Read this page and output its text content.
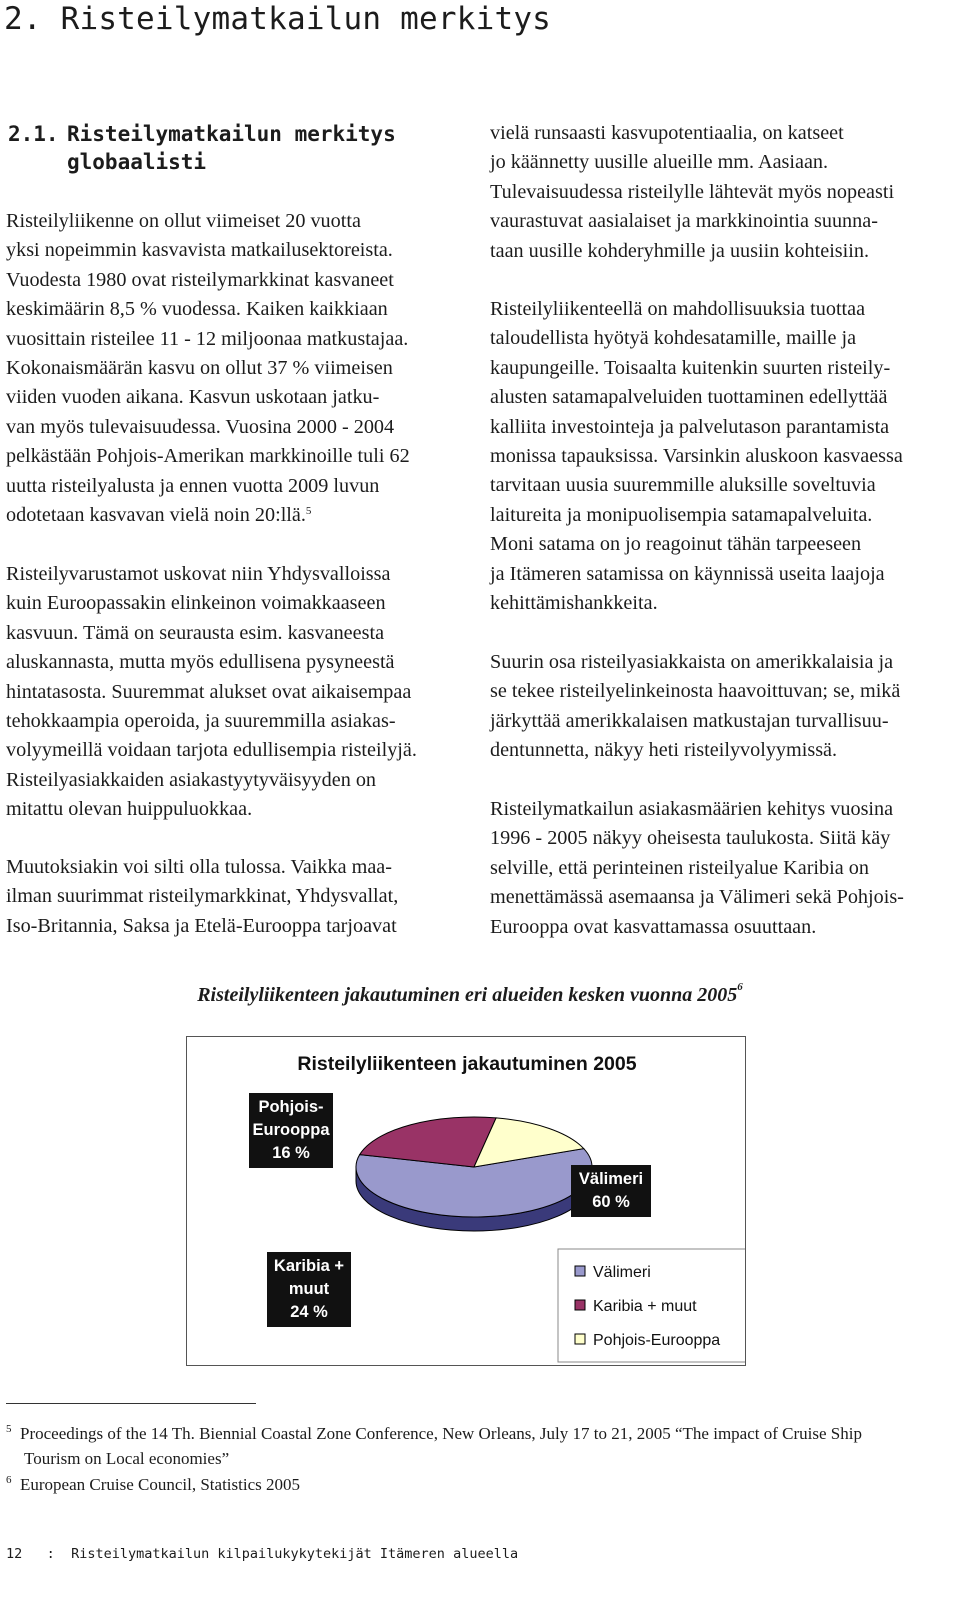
2. Risteilymatkailun merkitys
2.1. Risteilymatkailun merkitys
globaalisti

Risteilyliikenne on ollut viimeiset 20 vuotta
yksi nopeimmin kasvavista matkailusektoreista.
Vuodesta 1980 ovat risteilymarkkinat kasvaneet
keskimäärin 8,5 % vuodessa. Kaiken kaikkiaan
vuosittain risteilee 11 - 12 miljoonaa matkustajaa.
Kokonaismäärän kasvu on ollut 37 % viimeisen
viiden vuoden aikana. Kasvun uskotaan jatku-
van myös tulevaisuudessa. Vuosina 2000 - 2004
pelkästään Pohjois-Amerikan markkinoille tuli 62
uutta risteilyalusta ja ennen vuotta 2009 luvun
odotetaan kasvavan vielä noin 20:llä.$^5$

Risteilyvarustamot uskovat niin Yhdysvalloissa
kuin Euroopassakin elinkeinon voimakkaaseen
kasvuun. Tämä on seurausta esim. kasvaneesta
aluskannasta, mutta myös edullisena pysyneestä
hintatasosta. Suuremmat alukset ovat aikaisempaa
tehokkaampia operoida, ja suuremmilla asiakas-
volyymeillä voidaan tarjota edullisempia risteilyjä.
Risteilyasiakkaiden asiakastyytyväisyyden on
mitattu olevan huippuluokkaa.

Muutoksiakin voi silti olla tulossa. Vaikka maa-
ilman suurimmat risteilymarkkinat, Yhdysvallat,
Iso-Britannia, Saksa ja Etelä-Eurooppa tarjoavat

vielä runsaasti kasvupotentiaalia, on katseet
jo käännetty uusille alueille mm. Aasiaan.
Tulevaisuudessa risteilylle lähtevät myös nopeasti
vaurastuvat aasialaiset ja markkinointia suunna-
taan uusille kohderyhmille ja uusiin kohteisiin.

Risteilyliikenteellä on mahdollisuuksia tuottaa
taloudellista hyötyä kohdesatamille, maille ja
kaupungeille. Toisaalta kuitenkin suurten risteily-
alusten satamapalveluiden tuottaminen edellyttää
kalliita investointeja ja palvelutason parantamista
monissa tapauksissa. Varsinkin aluskoon kasvaessa
tarvitaan uusia suuremmille aluksille soveltuvia
laitureita ja monipuolisempia satamapalveluita.
Moni satama on jo reagoinut tähän tarpeeseen
ja Itämeren satamissa on käynnissä useita laajoja
kehittämishankkeita.

Suurin osa risteilyasiakkaista on amerikkalaisia ja
se tekee risteilyelinkeinosta haavoittuvan; se, mikä
järkyttää amerikkalaisen matkustajan turvallisuu-
dentunnetta, näkyy heti risteilyvolyymissä.

Risteilymatkailun asiakasmäärien kehitys vuosina
1996 - 2005 näkyy oheisesta taulukosta. Siitä käy
selville, että perinteinen risteilyalue Karibia on
menettämässä asemaansa ja Välimeri sekä Pohjois-
Eurooppa ovat kasvattamassa osuuttaan.

Risteilyliikenteen jakautuminen eri alueiden kesken vuonna 2005$^6$

Risteilyliikenteen jakautuminen 2005
Välimeri
60 %
Karibia +
muut
24 %
Pohjois-
Eurooppa
16 %
Välimeri
Karibia + muut
Pohjois-Eurooppa

5 Proceedings of the 14 Th. Biennial Coastal Zone Conference, New Orleans, July 17 to 21, 2005 “The impact of Cruise Ship
Tourism on Local economies”

6 European Cruise Council, Statistics 2005

12 : Risteilymatkailun kilpailukykytekijät Itämeren alueella
